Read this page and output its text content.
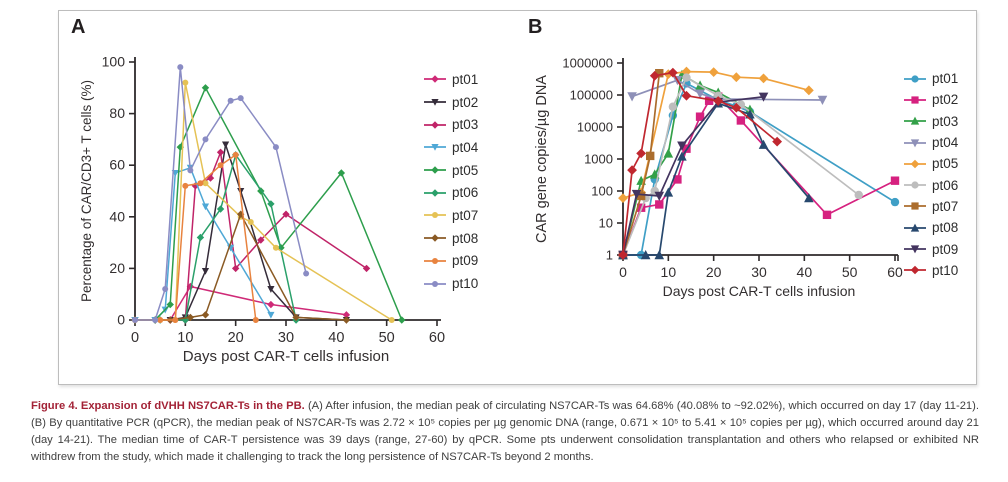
A	B
0
20
40
60
80
100
0	10 20 30 40 50 60
Days post CAR-T cells infusion
Percentage of CAR/CD3+ T cells (%)	1
10
100
1000
10000
100000
1000000
0 10 20 30 40 50 60
Days post CAR-T cells infusion
CAR gene copies/µg DNA
pt01
pt02
pt03
pt04
pt05
pt06
pt07
pt08
pt09
pt10
pt01
pt02
pt03
pt04
pt05
pt06
pt07
pt08
pt09
pt10

Figure 4. Expansion of dVHH NS7CAR-Ts in the PB. (A) After infusion, the median peak of circulating NS7CAR-Ts was 64.68% (40.08% to ~92.02%), which occurred on day 17 (day 11-21). (B) By quantitative PCR (qPCR), the median peak of NS7CAR-Ts was 2.72 × 10⁵ copies per µg genomic DNA (range, 0.671 × 10⁵ to 5.41 × 10⁵ copies per µg), which occurred around day 21 (day 14-21). The median time of CAR-T persistence was 39 days (range, 27-60) by qPCR. Some pts underwent consolidation transplantation and others who relapsed or exhibited NR withdrew from the study, which made it challenging to track the long persistence of NS7CAR-Ts beyond 2 months.
